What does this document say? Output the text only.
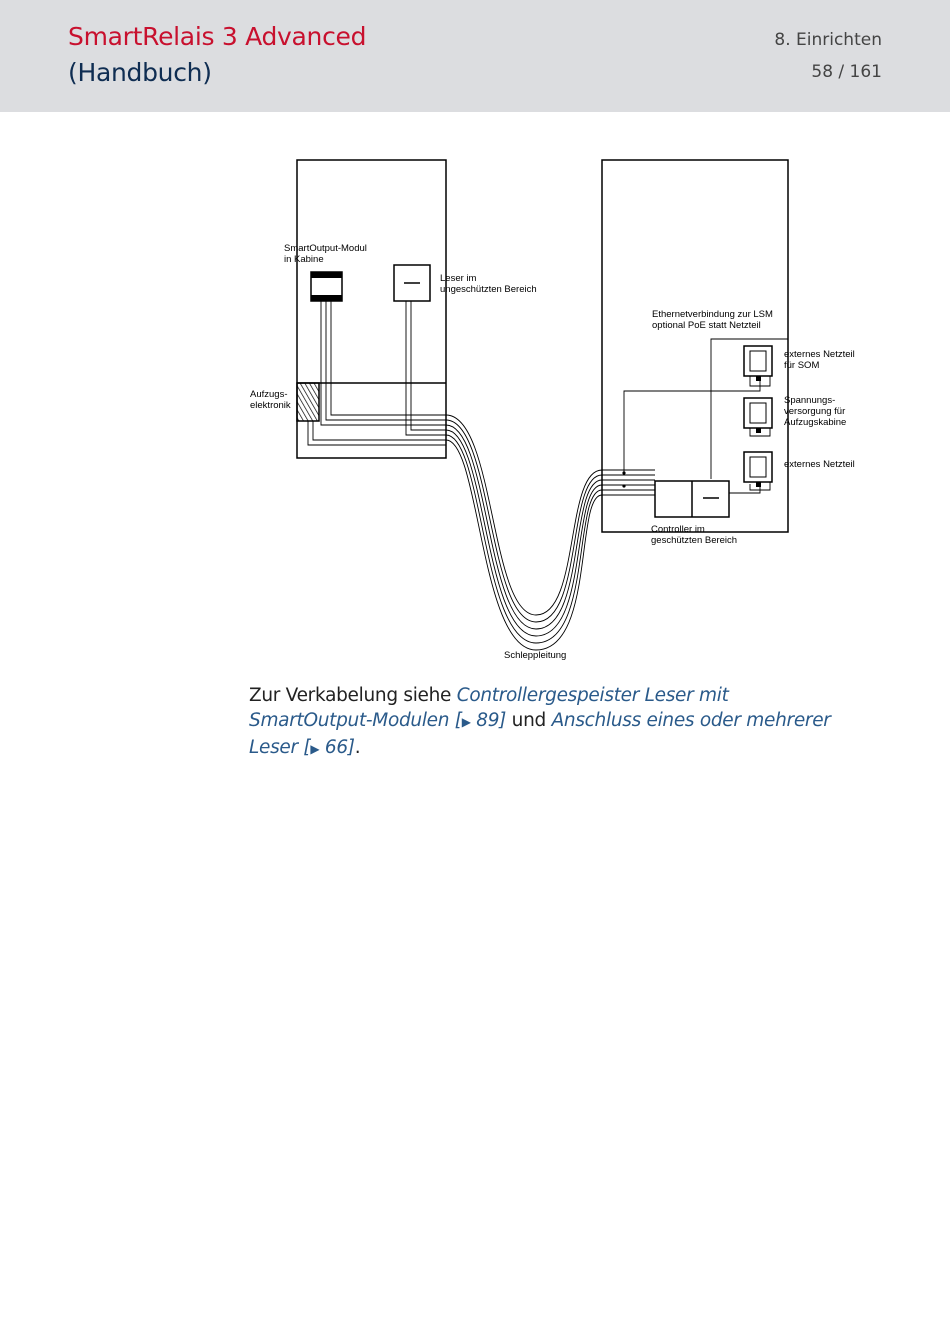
SmartRelais 3 Advanced
(Handbuch)
8. Einrichten
58 / 161
SmartOutput-Modul in Kabine
Leser im ungeschützten Bereich
Ethernetverbindung zur LSM optional PoE statt Netzteil
externes Netzteil für SOM
Aufzugs- elektronik	Spannungs- versorgung für Aufzugskabine
externes Netzteil
Controller im geschützten Bereich
Schleppleitung
Zur Verkabelung siehe Controllergespeister Leser mit SmartOutput-Modulen [▶ 89] und Anschluss eines oder mehrerer Leser [▶ 66].
